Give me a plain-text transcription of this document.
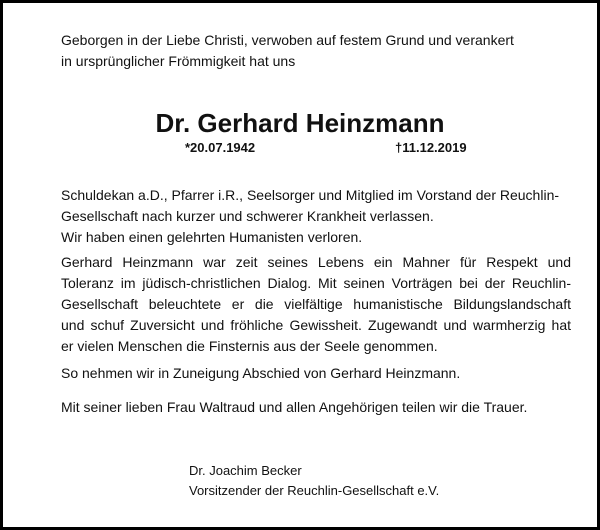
Geborgen in der Liebe Christi, verwoben auf festem Grund und verankert
in ursprünglicher Frömmigkeit hat uns
Dr. Gerhard Heinzmann
*20.07.1942	†11.12.2019
Schuldekan a.D., Pfarrer i.R., Seelsorger und Mitglied im Vorstand der Reuchlin-
Gesellschaft nach kurzer und schwerer Krankheit verlassen.
Wir haben einen gelehrten Humanisten verloren.
Gerhard Heinzmann war zeit seines Lebens ein Mahner für Respekt und
Toleranz im jüdisch-christlichen Dialog. Mit seinen Vorträgen bei der Reuchlin-
Gesellschaft beleuchtete er die vielfältige humanistische Bildungslandschaft
und schuf Zuversicht und fröhliche Gewissheit. Zugewandt und warmherzig hat
er vielen Menschen die Finsternis aus der Seele genommen.
So nehmen wir in Zuneigung Abschied von Gerhard Heinzmann.
Mit seiner lieben Frau Waltraud und allen Angehörigen teilen wir die Trauer.
Dr. Joachim Becker
Vorsitzender der Reuchlin-Gesellschaft e.V.
